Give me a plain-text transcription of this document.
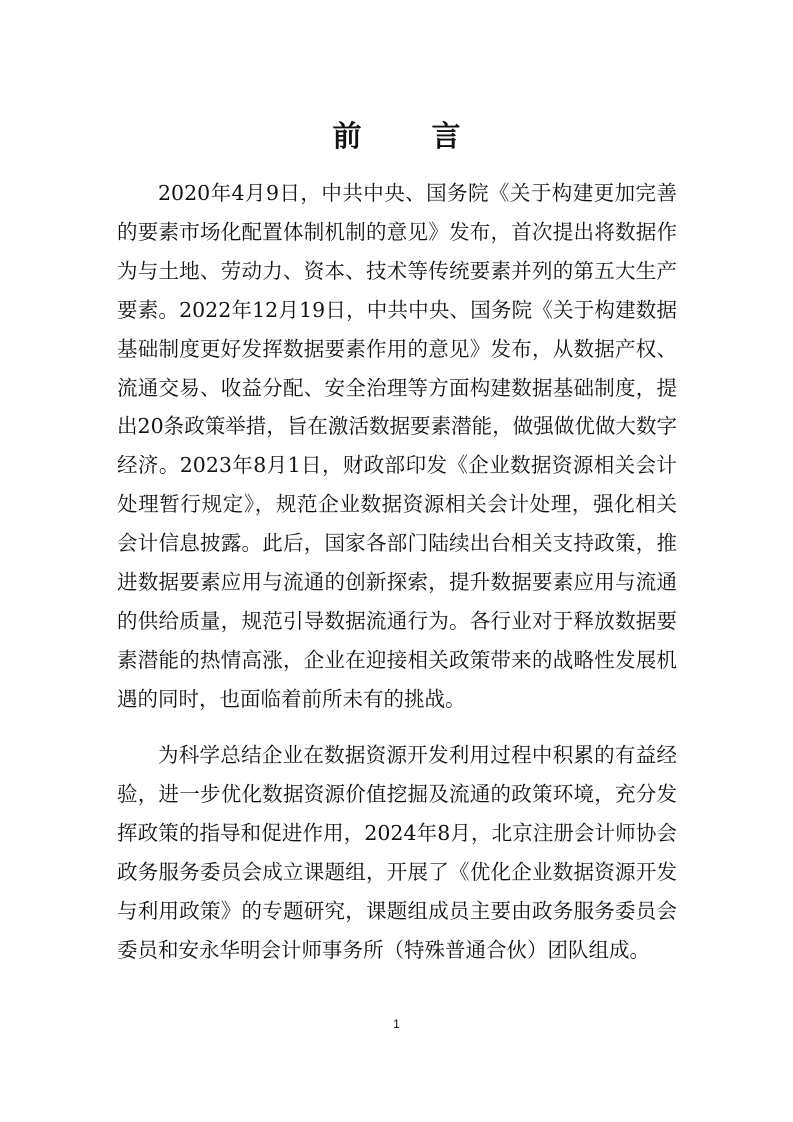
前 言

2020年4月9日，中共中央、国务院《关于构建更加完善的要素市场化配置体制机制的意见》发布，首次提出将数据作为与土地、劳动力、资本、技术等传统要素并列的第五大生产要素。2022年12月19日，中共中央、国务院《关于构建数据基础制度更好发挥数据要素作用的意见》发布，从数据产权、流通交易、收益分配、安全治理等方面构建数据基础制度，提出20条政策举措，旨在激活数据要素潜能，做强做优做大数字经济。2023年8月1日，财政部印发《企业数据资源相关会计处理暂行规定》，规范企业数据资源相关会计处理，强化相关会计信息披露。此后，国家各部门陆续出台相关支持政策，推进数据要素应用与流通的创新探索，提升数据要素应用与流通的供给质量，规范引导数据流通行为。各行业对于释放数据要素潜能的热情高涨，企业在迎接相关政策带来的战略性发展机遇的同时，也面临着前所未有的挑战。

为科学总结企业在数据资源开发利用过程中积累的有益经验，进一步优化数据资源价值挖掘及流通的政策环境，充分发挥政策的指导和促进作用，2024年8月，北京注册会计师协会政务服务委员会成立课题组，开展了《优化企业数据资源开发与利用政策》的专题研究，课题组成员主要由政务服务委员会委员和安永华明会计师事务所（特殊普通合伙）团队组成。

1
